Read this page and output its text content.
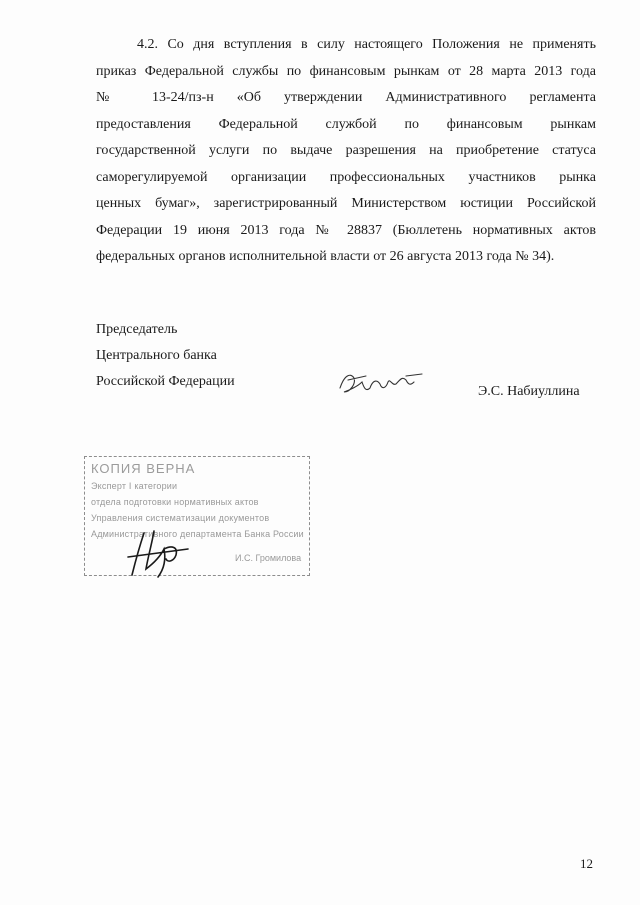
4.2. Со дня вступления в силу настоящего Положения не применять
приказ Федеральной службы по финансовым рынкам от 28 марта 2013 года
№ 13-24/пз-н «Об утверждении Административного регламента
предоставления Федеральной службой по финансовым рынкам
государственной услуги по выдаче разрешения на приобретение статуса
саморегулируемой организации профессиональных участников рынка
ценных бумаг», зарегистрированный Министерством юстиции Российской
Федерации 19 июня 2013 года № 28837 (Бюллетень нормативных актов
федеральных органов исполнительной власти от 26 августа 2013 года № 34).
Председатель
Центрального банка
Российской Федерации
Э.С. Набиуллина
КОПИЯ ВЕРНА
Эксперт I категории
отдела подготовки нормативных актов
Управления систематизации документов
Административного департамента Банка России
И.С. Громилова
12
